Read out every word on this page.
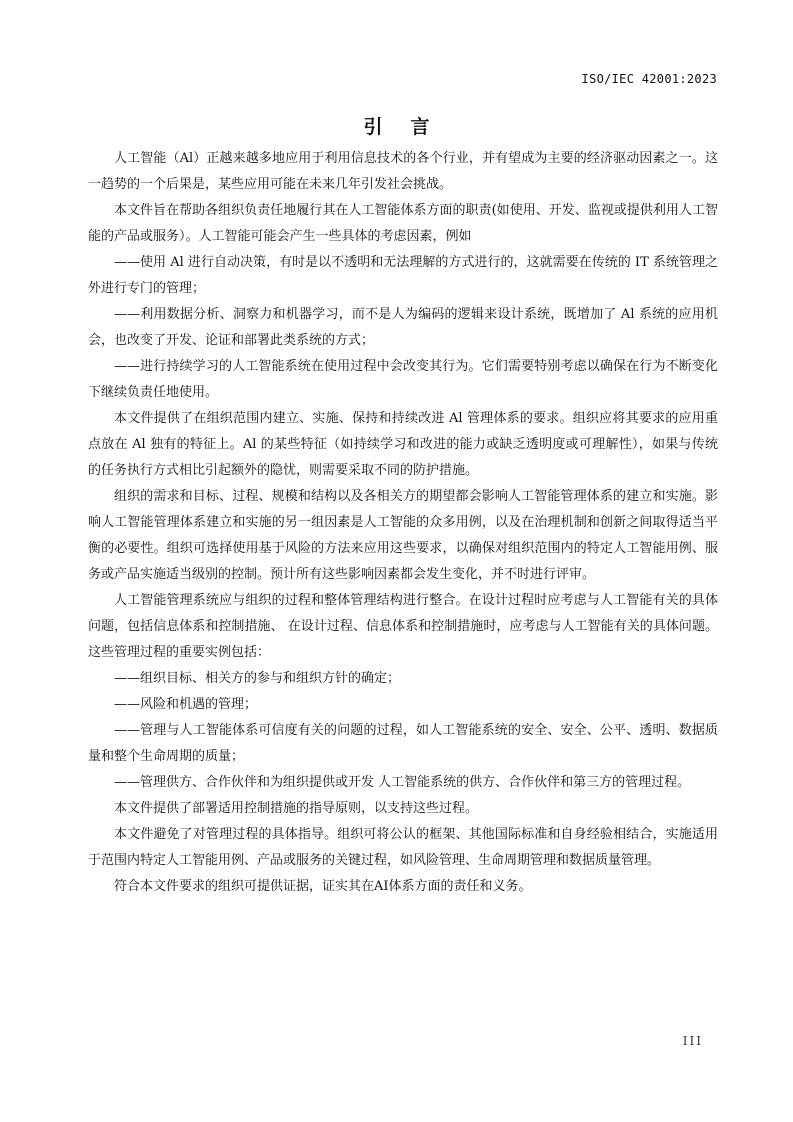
ISO/IEC 42001:2023
引言

人工智能（Al）正越来越多地应用于利用信息技术的各个行业，并有望成为主要的经济驱动因素之一。这一趋势的一个后果是，某些应用可能在未来几年引发社会挑战。

本文件旨在帮助各组织负责任地履行其在人工智能体系方面的职责(如使用、开发、监视或提供利用人工智能的产品或服务）。人工智能可能会产生一些具体的考虑因素，例如

——使用 Al 进行自动决策，有时是以不透明和无法理解的方式进行的，这就需要在传统的 IT 系统管理之外进行专门的管理；

——利用数据分析、洞察力和机器学习，而不是人为编码的逻辑来设计系统，既增加了 Al 系统的应用机会，也改变了开发、论证和部署此类系统的方式；

——进行持续学习的人工智能系统在使用过程中会改变其行为。它们需要特别考虑以确保在行为不断变化下继续负责任地使用。

本文件提供了在组织范围内建立、实施、保持和持续改进 Al 管理体系的要求。组织应将其要求的应用重点放在 Al 独有的特征上。Al 的某些特征（如持续学习和改进的能力或缺乏透明度或可理解性），如果与传统的任务执行方式相比引起额外的隐忧，则需要采取不同的防护措施。

组织的需求和目标、过程、规模和结构以及各相关方的期望都会影响人工智能管理体系的建立和实施。影响人工智能管理体系建立和实施的另一组因素是人工智能的众多用例，以及在治理机制和创新之间取得适当平衡的必要性。组织可选择使用基于风险的方法来应用这些要求，以确保对组织范围内的特定人工智能用例、服务或产品实施适当级别的控制。预计所有这些影响因素都会发生变化，并不时进行评审。

人工智能管理系统应与组织的过程和整体管理结构进行整合。在设计过程时应考虑与人工智能有关的具体问题，包括信息体系和控制措施、 在设计过程、信息体系和控制措施时，应考虑与人工智能有关的具体问题。这些管理过程的重要实例包括：

——组织目标、相关方的参与和组织方针的确定；

——风险和机遇的管理；

——管理与人工智能体系可信度有关的问题的过程，如人工智能系统的安全、安全、公平、透明、数据质量和整个生命周期的质量；

——管理供方、合作伙伴和为组织提供或开发 人工智能系统的供方、合作伙伴和第三方的管理过程。

本文件提供了部署适用控制措施的指导原则，以支持这些过程。

本文件避免了对管理过程的具体指导。组织可将公认的框架、其他国际标准和自身经验相结合，实施适用于范围内特定人工智能用例、产品或服务的关键过程，如风险管理、生命周期管理和数据质量管理。

符合本文件要求的组织可提供证据，证实其在AI体系方面的责任和义务。

III
